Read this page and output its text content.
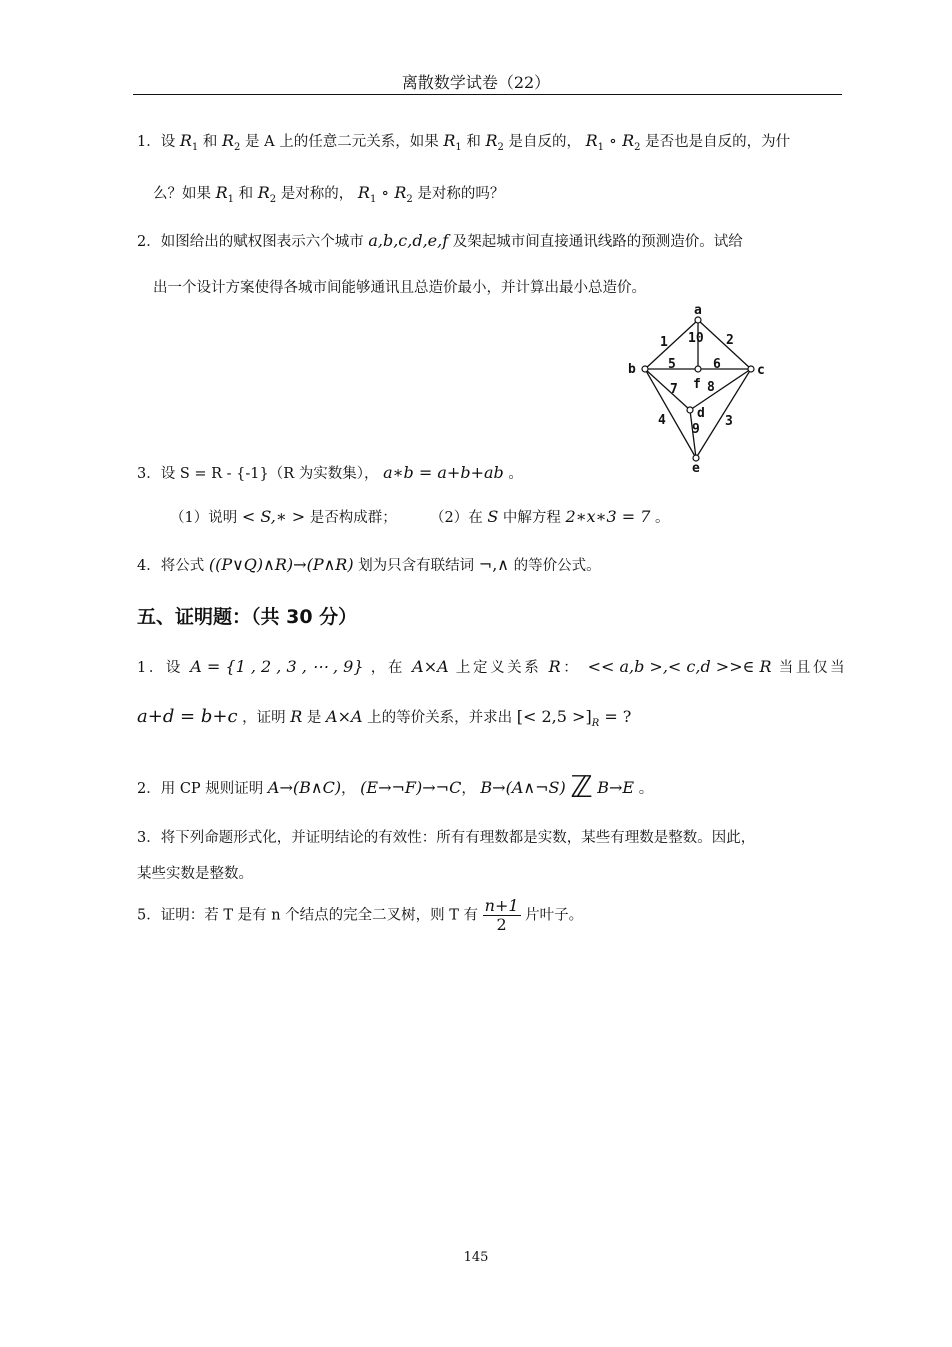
离散数学试卷（22）
1．设 $R_1$ 和 $R_2$ 是 A 上的任意二元关系，如果 $R_1$ 和 $R_2$ 是自反的， $R_1$ ∘ $R_2$ 是否也是自反的，为什
么？如果 $R_1$ 和 $R_2$ 是对称的， $R_1$ ∘ $R_2$ 是对称的吗？
2．如图给出的赋权图表示六个城市 a,b,c,d,e,f 及架起城市间直接通讯线路的预测造价。试给
出一个设计方案使得各城市间能够通讯且总造价最小，并计算出最小总造价。
a
b	c
d
e
f
1 10 2
5	6
7 8
4
9
3
3．设 S = R - {-1}（R 为实数集）， a∗b = a+b+ab 。
（1）说明 < S,∗ > 是否构成群； （2）在 S 中解方程 2∗x∗3 = 7 。
4．将公式 ((P∨Q)∧R)→(P∧R) 划为只含有联结词 ¬,∧ 的等价公式。
五、证明题：（共 30 分）
1．设 A = {1 , 2 , 3 , ⋯ , 9} ，在 A×A 上定义关系 R： << a,b >,< c,d >>∈ R 当且仅当
a+d = b+c ，证明 R 是 A×A 上的等价关系，并求出 [< $2,5 >]_R$ = ?
2．用 CP 规则证明 A→(B∧C)， (E→¬F)→¬C， B→(A∧¬S) ℤ B→E 。
3．将下列命题形式化，并证明结论的有效性：所有有理数都是实数，某些有理数是整数。因此，
某些实数是整数。
5．证明：若 T 是有 n 个结点的完全二叉树，则 T 有 $\frac{n+1}{2}$ 片叶子。
145
